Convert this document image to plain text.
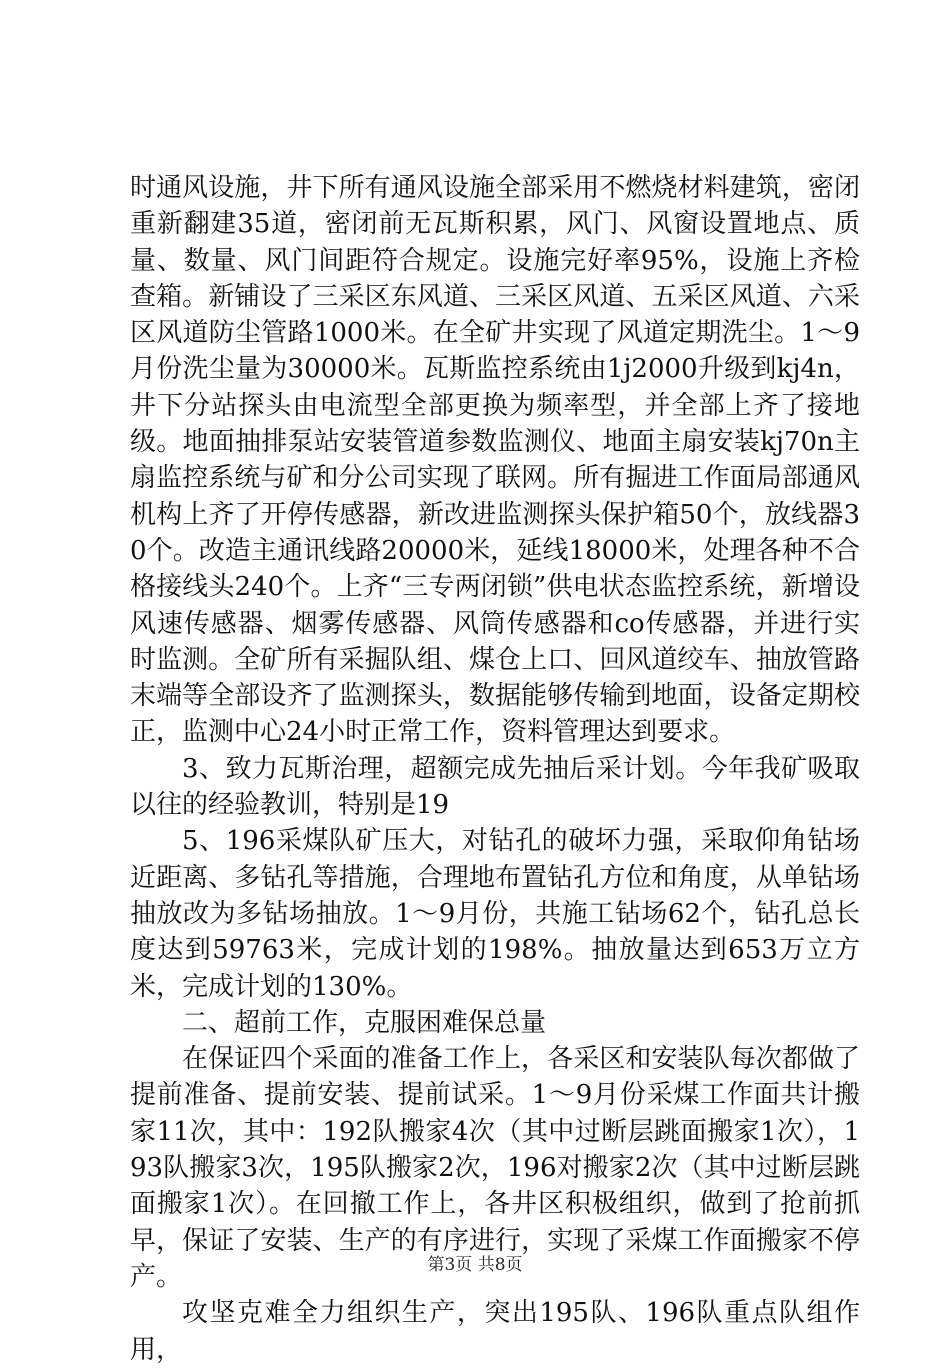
时通风设施，井下所有通风设施全部采用不燃烧材料建筑，密闭重新翻建35道，密闭前无瓦斯积累，风门、风窗设置地点、质量、数量、风门间距符合规定。设施完好率95%，设施上齐检查箱。新铺设了三采区东风道、三采区风道、五采区风道、六采区风道防尘管路1000米。在全矿井实现了风道定期洗尘。1～9月份洗尘量为30000米。瓦斯监控系统由1j2000升级到kj4n，井下分站探头由电流型全部更换为频率型，并全部上齐了接地级。地面抽排泵站安装管道参数监测仪、地面主扇安装kj70n主扇监控系统与矿和分公司实现了联网。所有掘进工作面局部通风机构上齐了开停传感器，新改进监测探头保护箱50个，放线器30个。改造主通讯线路20000米，延线18000米，处理各种不合格接线头240个。上齐“三专两闭锁”供电状态监控系统，新增设风速传感器、烟雾传感器、风筒传感器和co传感器，并进行实时监测。全矿所有采掘队组、煤仓上口、回风道绞车、抽放管路末端等全部设齐了监测探头，数据能够传输到地面，设备定期校正，监测中心24小时正常工作，资料管理达到要求。

3、致力瓦斯治理，超额完成先抽后采计划。今年我矿吸取以往的经验教训，特别是19

5、196采煤队矿压大，对钻孔的破坏力强，采取仰角钻场近距离、多钻孔等措施，合理地布置钻孔方位和角度，从单钻场抽放改为多钻场抽放。1～9月份，共施工钻场62个，钻孔总长度达到59763米，完成计划的198%。抽放量达到653万立方米，完成计划的130%。

二、超前工作，克服困难保总量

在保证四个采面的准备工作上，各采区和安装队每次都做了提前准备、提前安装、提前试采。1～9月份采煤工作面共计搬家11次，其中：192队搬家4次（其中过断层跳面搬家1次），193队搬家3次，195队搬家2次，196对搬家2次（其中过断层跳面搬家1次）。在回撤工作上，各井区积极组织，做到了抢前抓早，保证了安装、生产的有序进行，实现了采煤工作面搬家不停产。

攻坚克难全力组织生产，突出195队、196队重点队组作用，

第3页 共8页
